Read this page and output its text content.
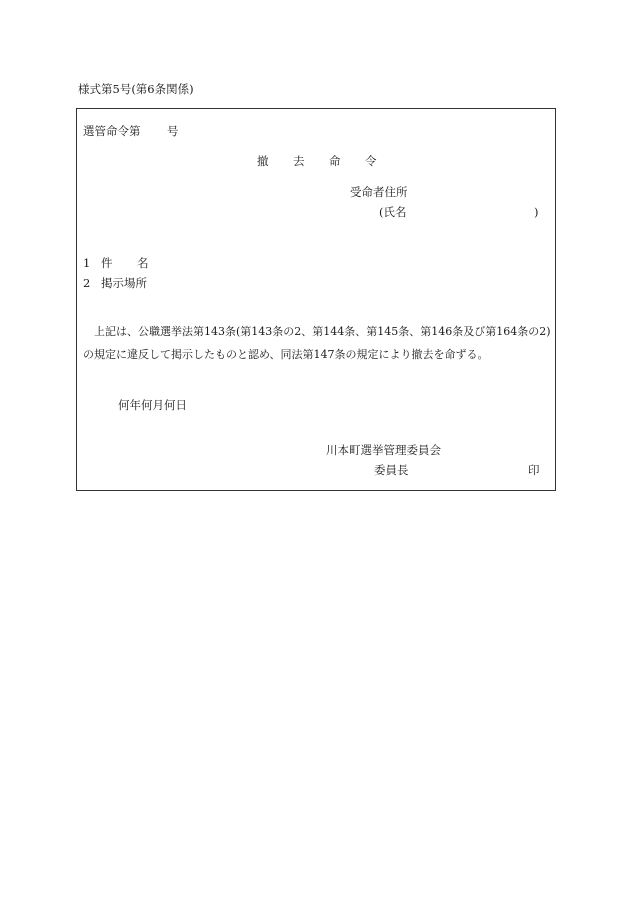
様式第5号(第6条関係)
選管命令第 号
撤 去 命 令
受命者住所
(氏名	)
1 件 名
2 掲示場所
上記は、公職選挙法第143条(第143条の2、第144条、第145条、第146条及び第164条の2)
の規定に違反して掲示したものと認め、同法第147条の規定により撤去を命ずる。
何年何月何日
川本町選挙管理委員会
委員長	印
